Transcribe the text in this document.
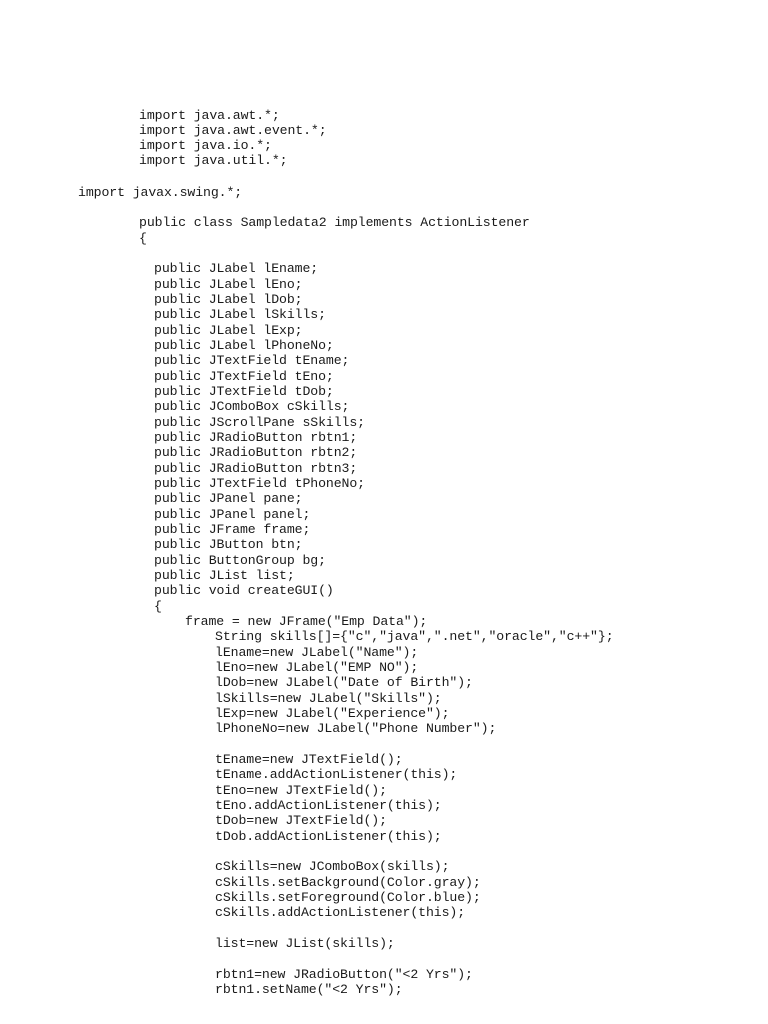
import java.awt.*;
import java.awt.event.*;
import java.io.*;
import java.util.*;
import javax.swing.*;
public class Sampledata2 implements ActionListener
{
public JLabel lEname;
public JLabel lEno;
public JLabel lDob;
public JLabel lSkills;
public JLabel lExp;
public JLabel lPhoneNo;
public JTextField tEname;
public JTextField tEno;
public JTextField tDob;
public JComboBox cSkills;
public JScrollPane sSkills;
public JRadioButton rbtn1;
public JRadioButton rbtn2;
public JRadioButton rbtn3;
public JTextField tPhoneNo;
public JPanel pane;
public JPanel panel;
public JFrame frame;
public JButton btn;
public ButtonGroup bg;
public JList list;
public void createGUI()
{
frame = new JFrame("Emp Data");
String skills[]={"c","java",".net","oracle","c++"};
lEname=new JLabel("Name");
lEno=new JLabel("EMP NO");
lDob=new JLabel("Date of Birth");
lSkills=new JLabel("Skills");
lExp=new JLabel("Experience");
lPhoneNo=new JLabel("Phone Number");
tEname=new JTextField();
tEname.addActionListener(this);
tEno=new JTextField();
tEno.addActionListener(this);
tDob=new JTextField();
tDob.addActionListener(this);
cSkills=new JComboBox(skills);
cSkills.setBackground(Color.gray);
cSkills.setForeground(Color.blue);
cSkills.addActionListener(this);
list=new JList(skills);
rbtn1=new JRadioButton("<2 Yrs");
rbtn1.setName("<2 Yrs");
